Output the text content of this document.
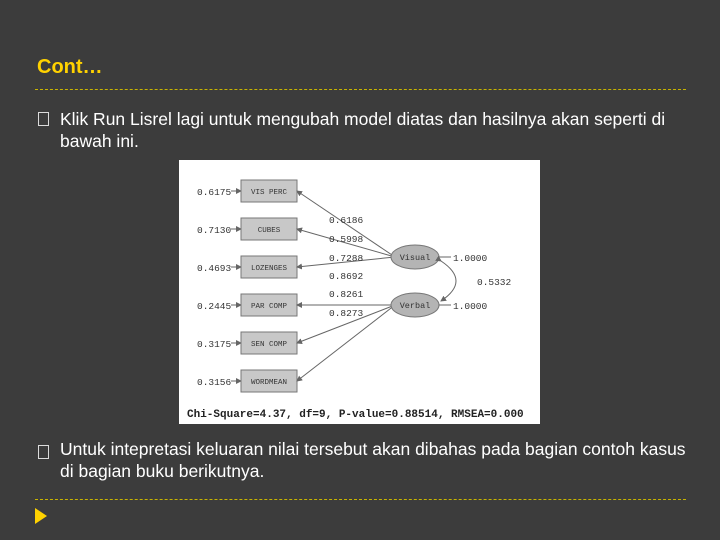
Cont…
Klik Run Lisrel lagi untuk mengubah model diatas dan hasilnya akan seperti di bawah ini.
0.6175	VIS PERC
0.6186
0.7130	CUBES
0.5998
0.4693	LOZENGES
0.7288
0.2445	PAR COMP
0.8692
0.3175	SEN COMP
0.8261
0.3156	WORDMEAN
0.8273
Visual 1.0000
Verbal 1.0000
0.5332
Chi-Square=4.37, df=9, P-value=0.88514, RMSEA=0.000
Untuk intepretasi keluaran nilai tersebut akan dibahas pada bagian contoh kasus di bagian buku berikutnya.
